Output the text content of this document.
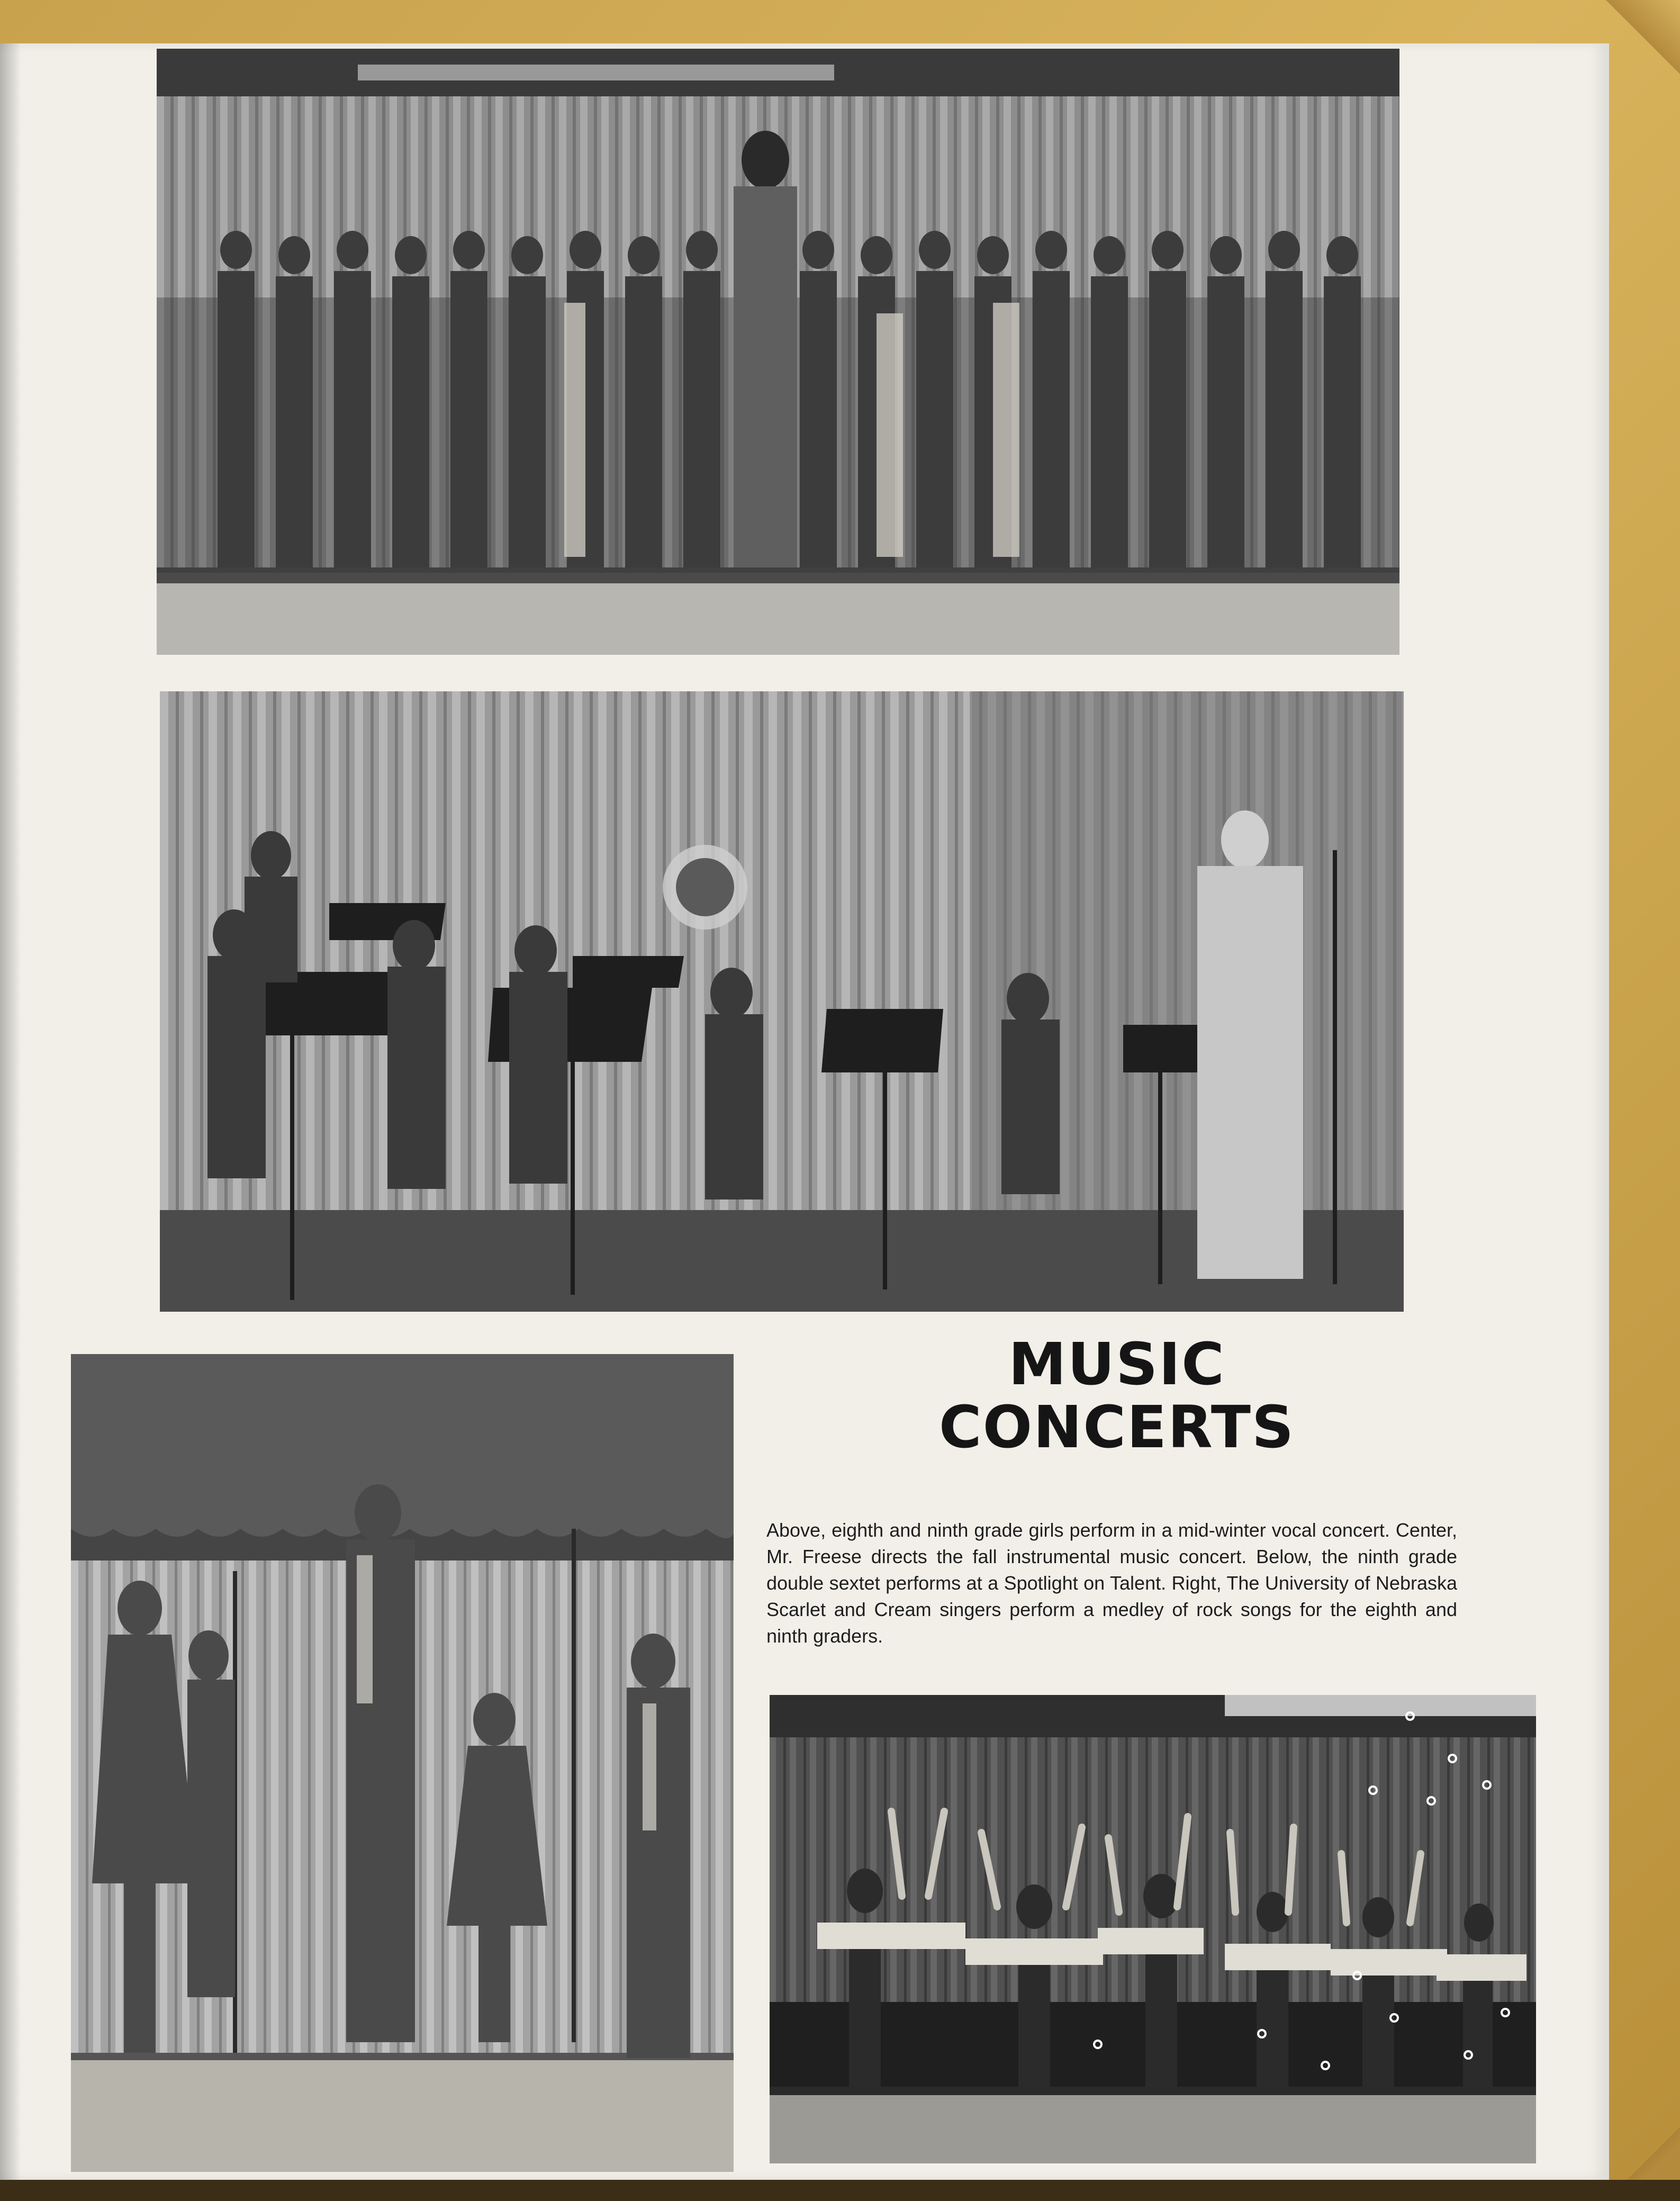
MUSIC
CONCERTS

Above, eighth and ninth grade girls perform in a mid-winter vocal concert. Center, Mr. Freese directs the fall instrumental music concert. Below, the ninth grade double sextet performs at a Spotlight on Talent. Right, The University of Nebraska Scarlet and Cream singers perform a medley of rock songs for the eighth and ninth graders.
